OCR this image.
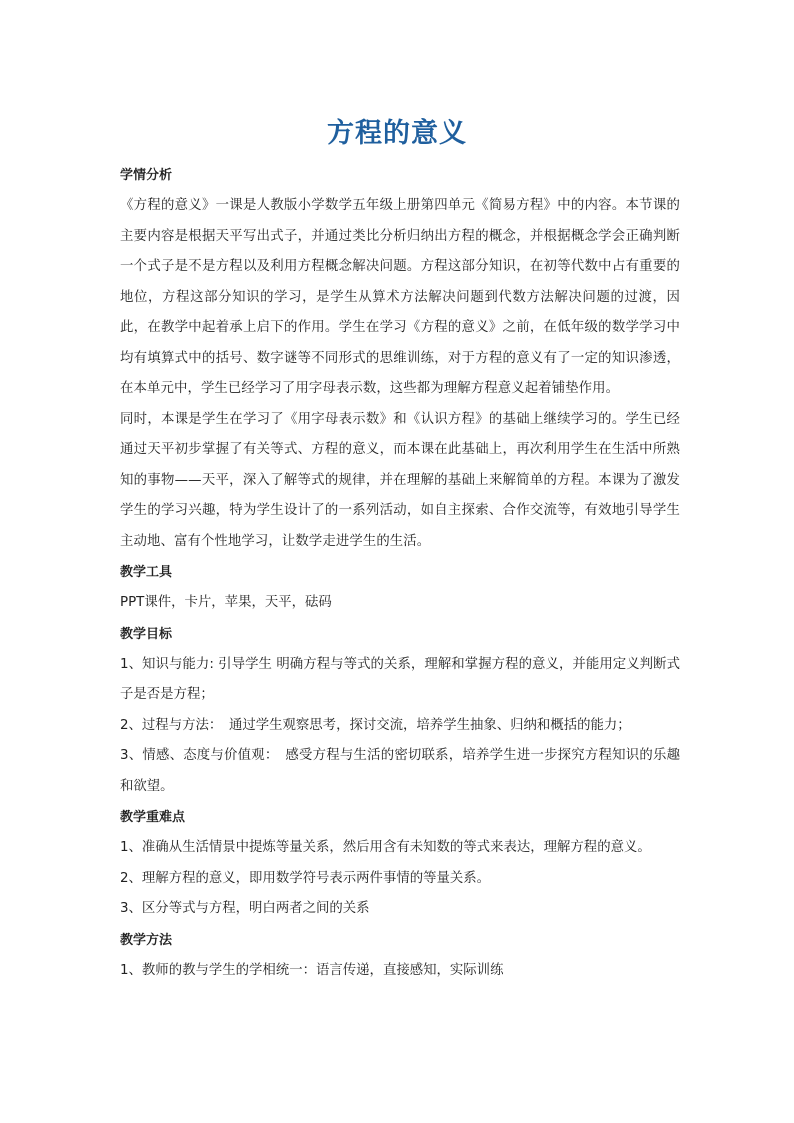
方程的意义

学情分析

《方程的意义》一课是人教版小学数学五年级上册第四单元《简易方程》中的内容。本节课的主要内容是根据天平写出式子，并通过类比分析归纳出方程的概念，并根据概念学会正确判断一个式子是不是方程以及利用方程概念解决问题。方程这部分知识，在初等代数中占有重要的地位，方程这部分知识的学习，是学生从算术方法解决问题到代数方法解决问题的过渡，因此，在教学中起着承上启下的作用。学生在学习《方程的意义》之前，在低年级的数学学习中均有填算式中的括号、数字谜等不同形式的思维训练，对于方程的意义有了一定的知识渗透，在本单元中，学生已经学习了用字母表示数，这些都为理解方程意义起着铺垫作用。

同时，本课是学生在学习了《用字母表示数》和《认识方程》的基础上继续学习的。学生已经通过天平初步掌握了有关等式、方程的意义，而本课在此基础上，再次利用学生在生活中所熟知的事物——天平，深入了解等式的规律，并在理解的基础上来解简单的方程。本课为了激发学生的学习兴趣，特为学生设计了的一系列活动，如自主探索、合作交流等，有效地引导学生主动地、富有个性地学习，让数学走进学生的生活。

教学工具

PPT课件，卡片，苹果，天平，砝码

教学目标

1、知识与能力: 引导学生 明确方程与等式的关系，理解和掌握方程的意义，并能用定义判断式子是否是方程；

2、过程与方法：　通过学生观察思考，探讨交流，培养学生抽象、归纳和概括的能力；

3、情感、态度与价值观：　感受方程与生活的密切联系，培养学生进一步探究方程知识的乐趣和欲望。

教学重难点

1、准确从生活情景中提炼等量关系，然后用含有未知数的等式来表达，理解方程的意义。

2、理解方程的意义，即用数学符号表示两件事情的等量关系。

3、区分等式与方程，明白两者之间的关系

教学方法

1、教师的教与学生的学相统一：语言传递，直接感知，实际训练
